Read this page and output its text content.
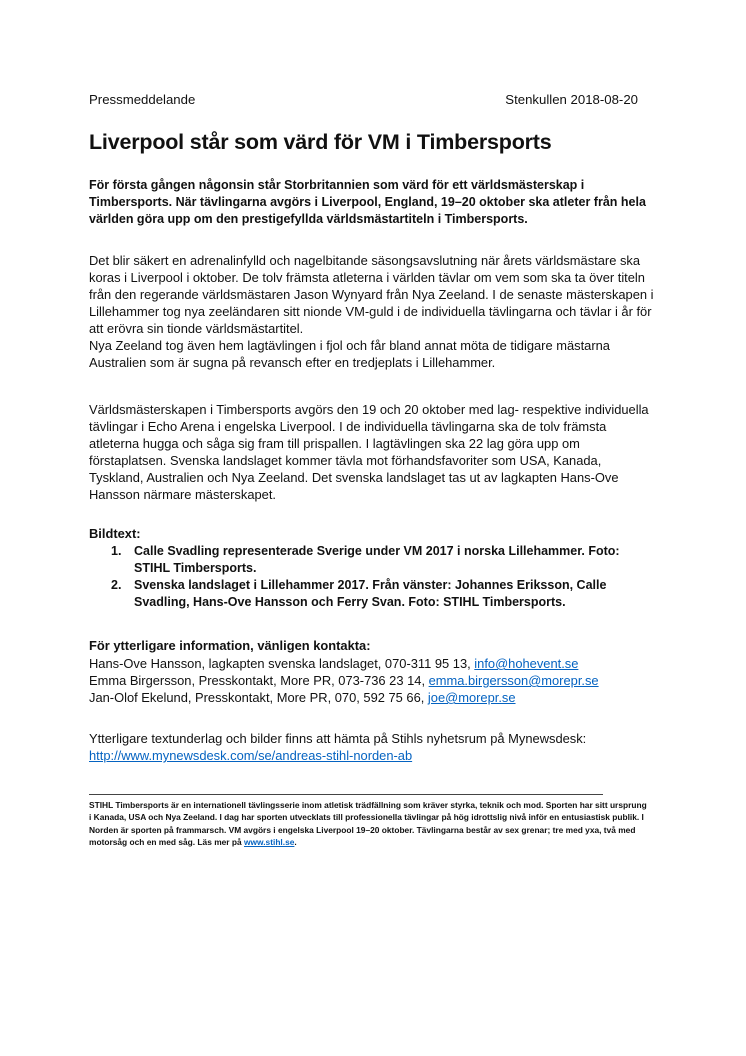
Pressmeddelande	Stenkullen 2018-08-20
Liverpool står som värd för VM i Timbersports

För första gången någonsin står Storbritannien som värd för ett världsmästerskap i Timbersports. När tävlingarna avgörs i Liverpool, England, 19–20 oktober ska atleter från hela världen göra upp om den prestigefyllda världsmästartiteln i Timbersports.

Det blir säkert en adrenalinfylld och nagelbitande säsongsavslutning när årets världsmästare ska koras i Liverpool i oktober. De tolv främsta atleterna i världen tävlar om vem som ska ta över titeln från den regerande världsmästaren Jason Wynyard från Nya Zeeland. I de senaste mästerskapen i Lillehammer tog nya zeeländaren sitt nionde VM-guld i de individuella tävlingarna och tävlar i år för att erövra sin tionde världsmästartitel.
Nya Zeeland tog även hem lagtävlingen i fjol och får bland annat möta de tidigare mästarna Australien som är sugna på revansch efter en tredjeplats i Lillehammer.

Världsmästerskapen i Timbersports avgörs den 19 och 20 oktober med lag- respektive individuella tävlingar i Echo Arena i engelska Liverpool. I de individuella tävlingarna ska de tolv främsta atleterna hugga och såga sig fram till prispallen. I lagtävlingen ska 22 lag göra upp om förstaplatsen. Svenska landslaget kommer tävla mot förhandsfavoriter som USA, Kanada, Tyskland, Australien och Nya Zeeland. Det svenska landslaget tas ut av lagkapten Hans-Ove Hansson närmare mästerskapet.

Bildtext:

1. Calle Svadling representerade Sverige under VM 2017 i norska Lillehammer. Foto: STIHL Timbersports.
2. Svenska landslaget i Lillehammer 2017. Från vänster: Johannes Eriksson, Calle Svadling, Hans-Ove Hansson och Ferry Svan. Foto: STIHL Timbersports.

För ytterligare information, vänligen kontakta:

Hans-Ove Hansson, lagkapten svenska landslaget, 070-311 95 13, info@hohevent.se
Emma Birgersson, Presskontakt, More PR, 073-736 23 14, emma.birgersson@morepr.se
Jan-Olof Ekelund, Presskontakt, More PR, 070, 592 75 66, joe@morepr.se
Ytterligare textunderlag och bilder finns att hämta på Stihls nyhetsrum på Mynewsdesk:
http://www.mynewsdesk.com/se/andreas-stihl-norden-ab

STIHL Timbersports är en internationell tävlingsserie inom atletisk trädfällning som kräver styrka, teknik och mod. Sporten har sitt ursprung i Kanada, USA och Nya Zeeland. I dag har sporten utvecklats till professionella tävlingar på hög idrottslig nivå inför en entusiastisk publik. I Norden är sporten på frammarsch. VM avgörs i engelska Liverpool 19–20 oktober. Tävlingarna består av sex grenar; tre med yxa, två med motorsåg och en med såg. Läs mer på www.stihl.se.
